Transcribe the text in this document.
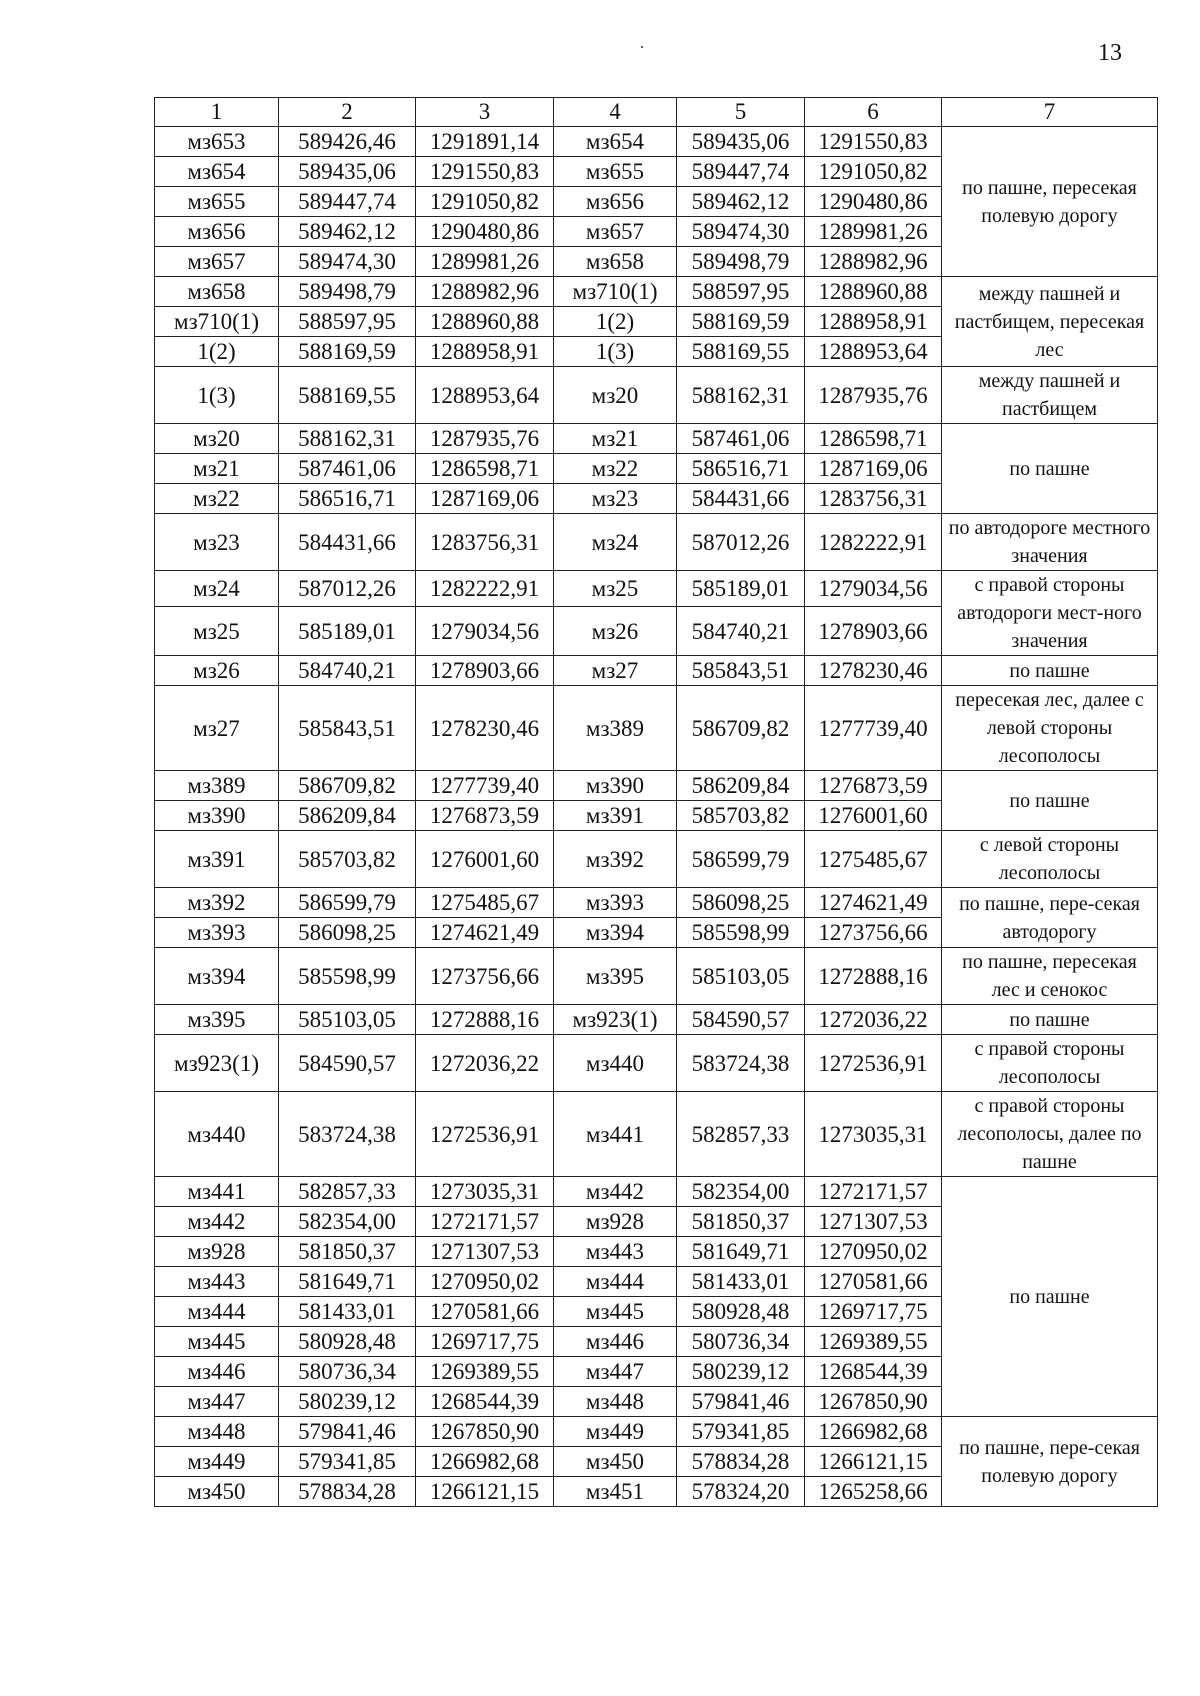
13
1	2	3	4	5	6	7
мз653	589426,46	1291891,14	мз654	589435,06	1291550,83	по пашне, пересекая полевую дорогу
мз654	589435,06	1291550,83	мз655	589447,74	1291050,82	
мз655	589447,74	1291050,82	мз656	589462,12	1290480,86	
мз656	589462,12	1290480,86	мз657	589474,30	1289981,26	
мз657	589474,30	1289981,26	мз658	589498,79	1288982,96	
мз658	589498,79	1288982,96	мз710(1)	588597,95	1288960,88	между пашней и пастбищем, пересекая лес
мз710(1)	588597,95	1288960,88	1(2)	588169,59	1288958,91	
1(2)	588169,59	1288958,91	1(3)	588169,55	1288953,64	
1(3)	588169,55	1288953,64	мз20	588162,31	1287935,76	между пашней и пастбищем
мз20	588162,31	1287935,76	мз21	587461,06	1286598,71	по пашне
мз21	587461,06	1286598,71	мз22	586516,71	1287169,06	
мз22	586516,71	1287169,06	мз23	584431,66	1283756,31	
мз23	584431,66	1283756,31	мз24	587012,26	1282222,91	по автодороге местного значения
мз24	587012,26	1282222,91	мз25	585189,01	1279034,56	с правой стороны автодороги мест-ного значения
мз25	585189,01	1279034,56	мз26	584740,21	1278903,66	
мз26	584740,21	1278903,66	мз27	585843,51	1278230,46	по пашне
мз27	585843,51	1278230,46	мз389	586709,82	1277739,40	пересекая лес, далее с левой стороны лесополосы
мз389	586709,82	1277739,40	мз390	586209,84	1276873,59	по пашне
мз390	586209,84	1276873,59	мз391	585703,82	1276001,60	
мз391	585703,82	1276001,60	мз392	586599,79	1275485,67	с левой стороны лесополосы
мз392	586599,79	1275485,67	мз393	586098,25	1274621,49	по пашне, пере-секая автодорогу
мз393	586098,25	1274621,49	мз394	585598,99	1273756,66	
мз394	585598,99	1273756,66	мз395	585103,05	1272888,16	по пашне, пересекая лес и сенокос
мз395	585103,05	1272888,16	мз923(1)	584590,57	1272036,22	по пашне
мз923(1)	584590,57	1272036,22	мз440	583724,38	1272536,91	с правой стороны лесополосы
мз440	583724,38	1272536,91	мз441	582857,33	1273035,31	с правой стороны лесополосы, далее по пашне
мз441	582857,33	1273035,31	мз442	582354,00	1272171,57	по пашне
мз442	582354,00	1272171,57	мз928	581850,37	1271307,53	
мз928	581850,37	1271307,53	мз443	581649,71	1270950,02	
мз443	581649,71	1270950,02	мз444	581433,01	1270581,66	
мз444	581433,01	1270581,66	мз445	580928,48	1269717,75	
мз445	580928,48	1269717,75	мз446	580736,34	1269389,55	
мз446	580736,34	1269389,55	мз447	580239,12	1268544,39	
мз447	580239,12	1268544,39	мз448	579841,46	1267850,90	
мз448	579841,46	1267850,90	мз449	579341,85	1266982,68	по пашне, пере-секая полевую дорогу
мз449	579341,85	1266982,68	мз450	578834,28	1266121,15	
мз450	578834,28	1266121,15	мз451	578324,20	1265258,66	
